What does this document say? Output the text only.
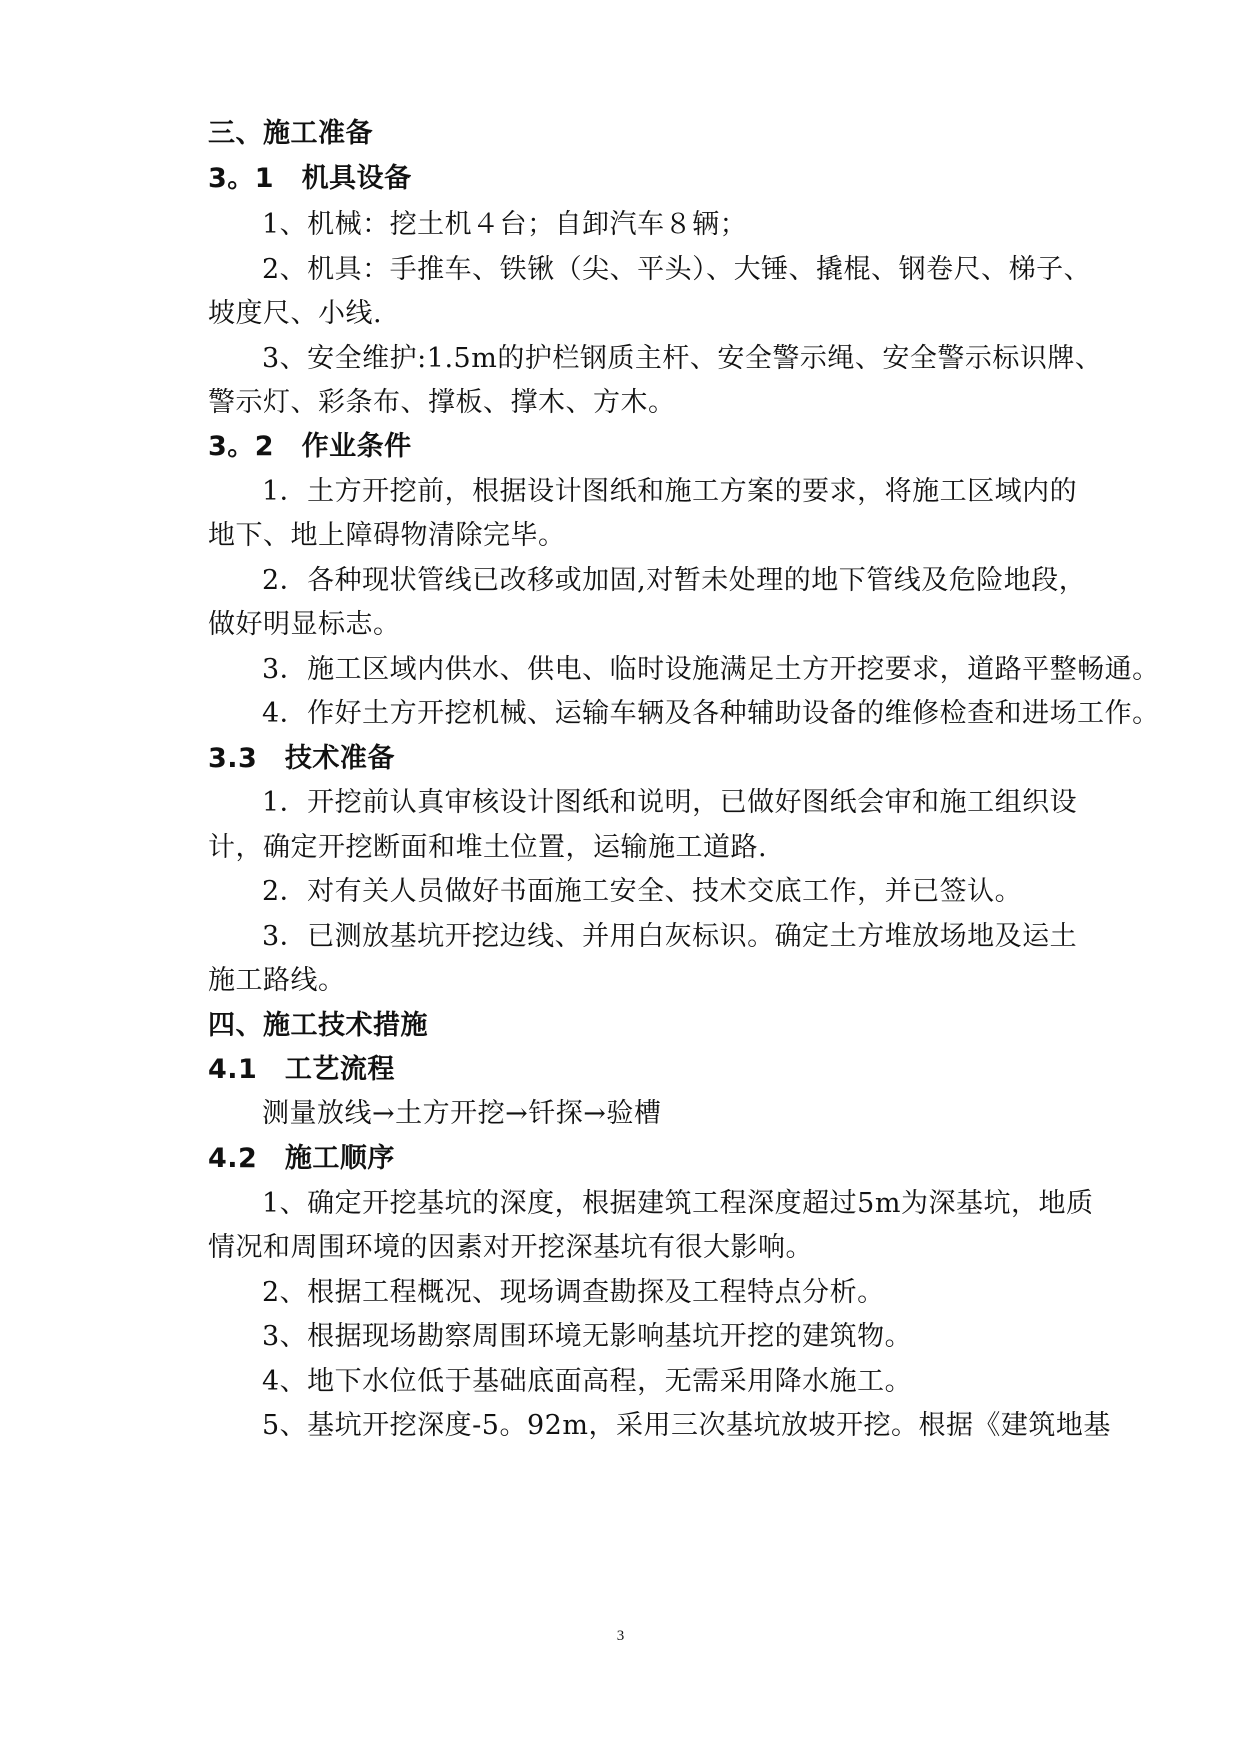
三、施工准备
3。1　机具设备
1、机械：挖土机４台；自卸汽车８辆；
2、机具：手推车、铁锹（尖、平头）、大锤、撬棍、钢卷尺、梯子、
坡度尺、小线.
3、安全维护:1.5m的护栏钢质主杆、安全警示绳、安全警示标识牌、
警示灯、彩条布、撑板、撑木、方木。
3。2　作业条件
1．土方开挖前，根据设计图纸和施工方案的要求，将施工区域内的
地下、地上障碍物清除完毕。
2．各种现状管线已改移或加固,对暂未处理的地下管线及危险地段，
做好明显标志。
3．施工区域内供水、供电、临时设施满足土方开挖要求，道路平整畅通。
4．作好土方开挖机械、运输车辆及各种辅助设备的维修检查和进场工作。
3.3　技术准备
1．开挖前认真审核设计图纸和说明，已做好图纸会审和施工组织设
计，确定开挖断面和堆土位置，运输施工道路.
2．对有关人员做好书面施工安全、技术交底工作，并已签认。
3．已测放基坑开挖边线、并用白灰标识。确定土方堆放场地及运土
施工路线。
四、施工技术措施
4.1　工艺流程
测量放线→土方开挖→钎探→验槽
4.2　施工顺序
1、确定开挖基坑的深度，根据建筑工程深度超过5m为深基坑，地质
情况和周围环境的因素对开挖深基坑有很大影响。
2、根据工程概况、现场调查勘探及工程特点分析。
3、根据现场勘察周围环境无影响基坑开挖的建筑物。
4、地下水位低于基础底面高程，无需采用降水施工。
5、基坑开挖深度-5。92m，采用三次基坑放坡开挖。根据《建筑地基
3
